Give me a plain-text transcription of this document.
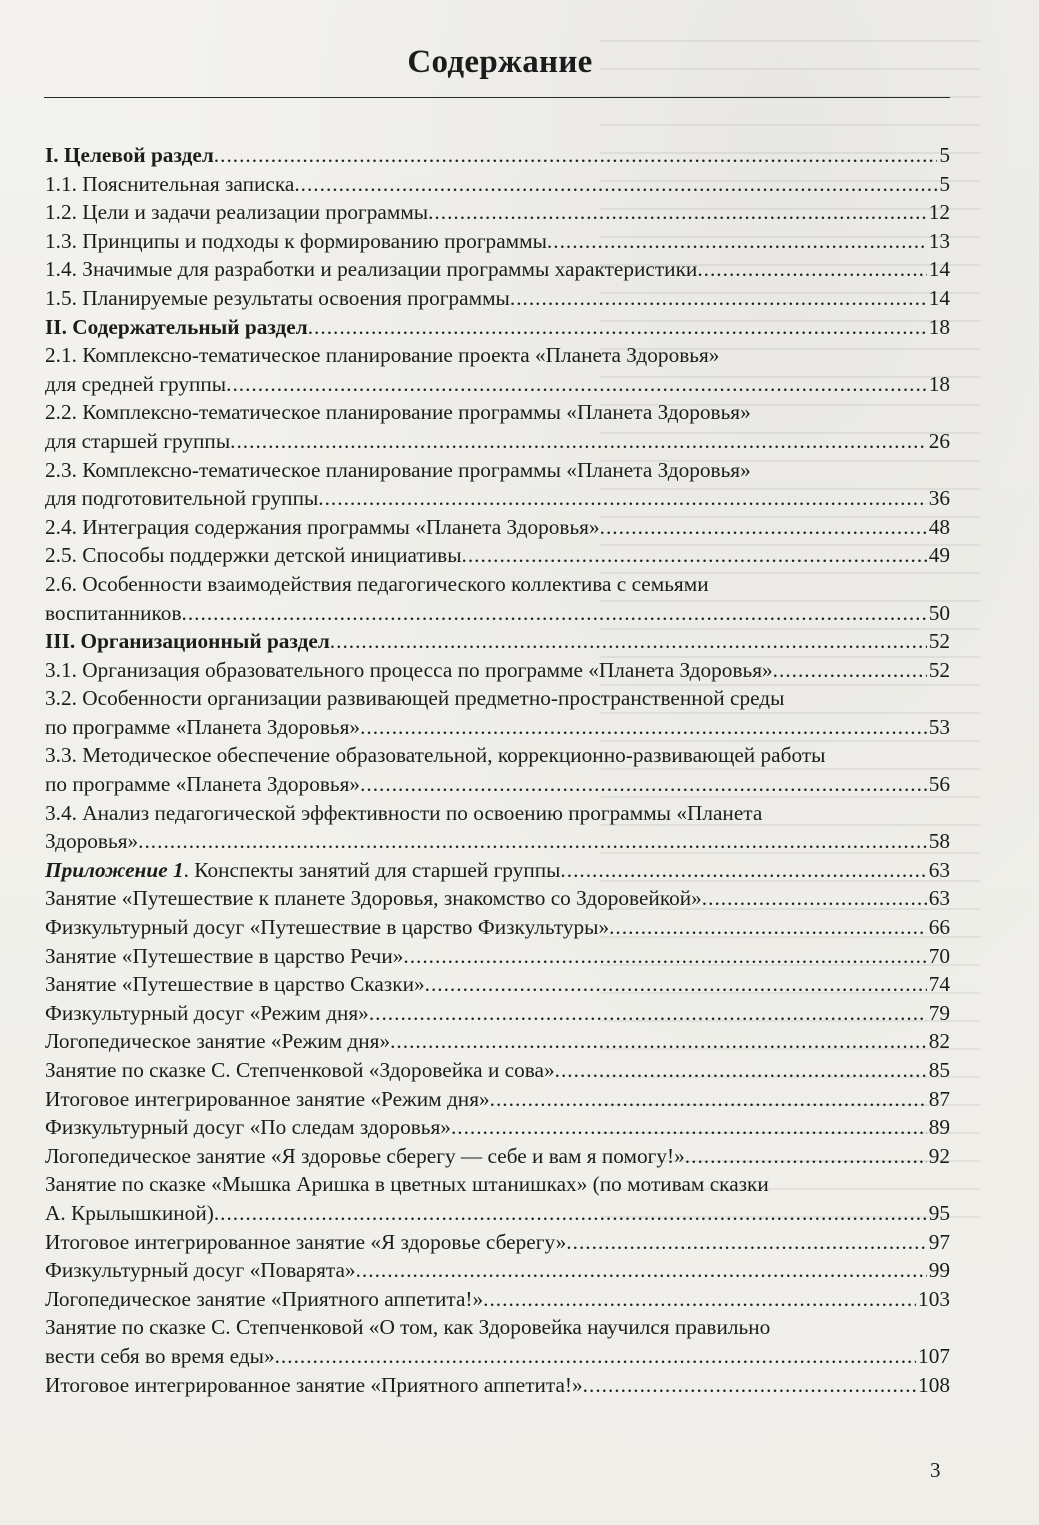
Содержание
I. Целевой раздел .....	5
1.1. Пояснительная записка .....	5
1.2. Цели и задачи реализации программы .....	12
1.3. Принципы и подходы к формированию программы .....	13
1.4. Значимые для разработки и реализации программы характеристики .....	14
1.5. Планируемые результаты освоения программы .....	14
II. Содержательный раздел .....	18
2.1. Комплексно-тематическое планирование проекта «Планета Здоровья»
для средней группы .....	18
2.2. Комплексно-тематическое планирование программы «Планета Здоровья»
для старшей группы .....	26
2.3. Комплексно-тематическое планирование программы «Планета Здоровья»
для подготовительной группы .....	36
2.4. Интеграция содержания программы «Планета Здоровья» .....	48
2.5. Способы поддержки детской инициативы .....	49
2.6. Особенности взаимодействия педагогического коллектива с семьями
воспитанников .....	50
III. Организационный раздел .....	52
3.1. Организация образовательного процесса по программе «Планета Здоровья» .....	52
3.2. Особенности организации развивающей предметно-пространственной среды
по программе «Планета Здоровья» .....	53
3.3. Методическое обеспечение образовательной, коррекционно-развивающей работы
по программе «Планета Здоровья» .....	56
3.4. Анализ педагогической эффективности по освоению программы «Планета
Здоровья» .....	58
Приложение 1. Конспекты занятий для старшей группы .....	63
Занятие «Путешествие к планете Здоровья, знакомство со Здоровейкой» .....	63
Физкультурный досуг «Путешествие в царство Физкультуры» .....	66
Занятие «Путешествие в царство Речи» .....	70
Занятие «Путешествие в царство Сказки» .....	74
Физкультурный досуг «Режим дня» .....	79
Логопедическое занятие «Режим дня» .....	82
Занятие по сказке С. Степченковой «Здоровейка и сова» .....	85
Итоговое интегрированное занятие «Режим дня» .....	87
Физкультурный досуг «По следам здоровья» .....	89
Логопедическое занятие «Я здоровье сберегу — себе и вам я помогу!» .....	92
Занятие по сказке «Мышка Аришка в цветных штанишках» (по мотивам сказки
А. Крылышкиной) .....	95
Итоговое интегрированное занятие «Я здоровье сберегу» .....	97
Физкультурный досуг «Поварята» .....	99
Логопедическое занятие «Приятного аппетита!» .....	103
Занятие по сказке С. Степченковой «О том, как Здоровейка научился правильно
вести себя во время еды» .....	107
Итоговое интегрированное занятие «Приятного аппетита!» .....	108
3
